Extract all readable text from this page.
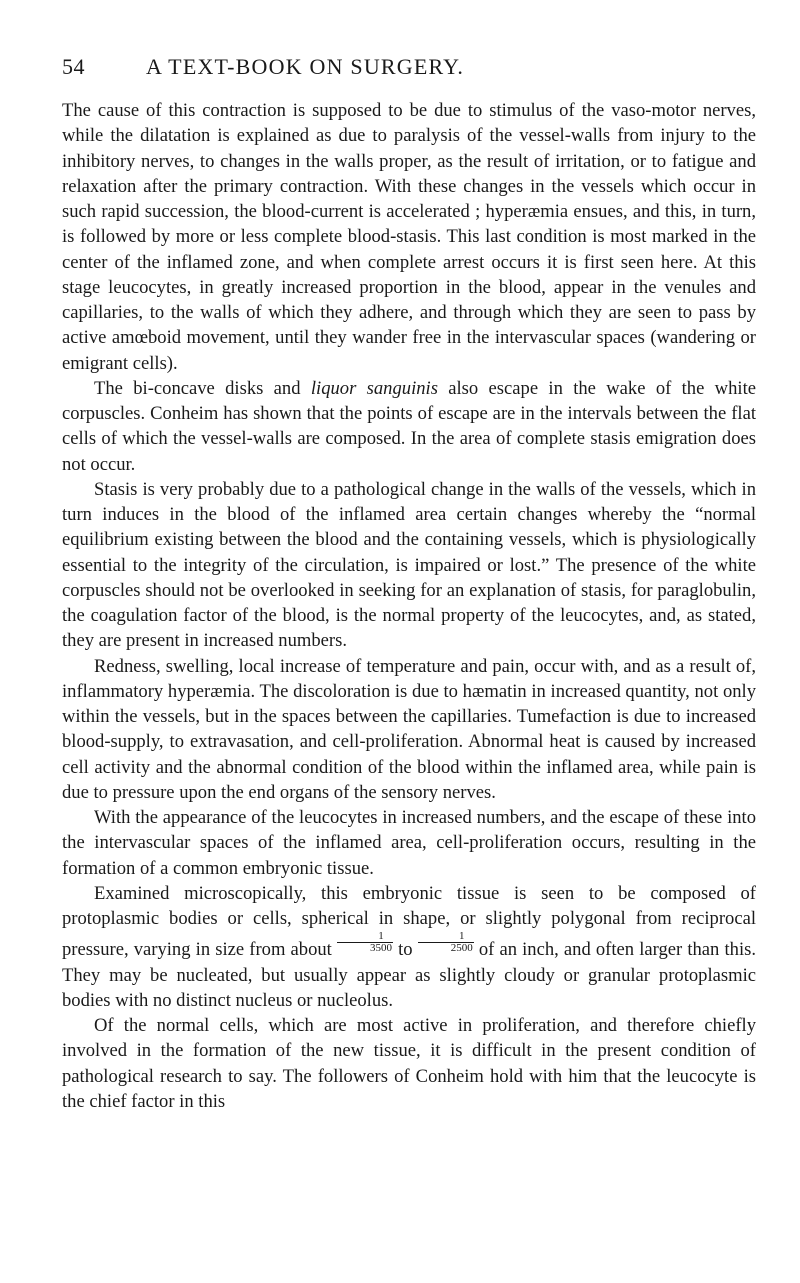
54	A TEXT-BOOK ON SURGERY.

The cause of this contraction is supposed to be due to stimulus of the vaso-motor nerves, while the dilatation is explained as due to paralysis of the vessel-walls from injury to the inhibitory nerves, to changes in the walls proper, as the result of irritation, or to fatigue and relaxation after the primary contraction. With these changes in the vessels which occur in such rapid succession, the blood-current is accelerated ; hyperæmia ensues, and this, in turn, is followed by more or less complete blood-stasis. This last condition is most marked in the center of the inflamed zone, and when complete arrest occurs it is first seen here. At this stage leucocytes, in greatly increased proportion in the blood, appear in the venules and capillaries, to the walls of which they adhere, and through which they are seen to pass by active amœboid movement, until they wander free in the intervascular spaces (wandering or emigrant cells).

The bi-concave disks and liquor sanguinis also escape in the wake of the white corpuscles. Conheim has shown that the points of escape are in the intervals between the flat cells of which the vessel-walls are composed. In the area of complete stasis emigration does not occur.

Stasis is very probably due to a pathological change in the walls of the vessels, which in turn induces in the blood of the inflamed area certain changes whereby the “normal equilibrium existing between the blood and the containing vessels, which is physiologically essential to the integrity of the circulation, is impaired or lost.” The presence of the white corpuscles should not be overlooked in seeking for an explanation of stasis, for paraglobulin, the coagulation factor of the blood, is the normal property of the leucocytes, and, as stated, they are present in increased numbers.

Redness, swelling, local increase of temperature and pain, occur with, and as a result of, inflammatory hyperæmia. The discoloration is due to hæmatin in increased quantity, not only within the vessels, but in the spaces between the capillaries. Tumefaction is due to increased blood-supply, to extravasation, and cell-proliferation. Abnormal heat is caused by increased cell activity and the abnormal condition of the blood within the inflamed area, while pain is due to pressure upon the end organs of the sensory nerves.

With the appearance of the leucocytes in increased numbers, and the escape of these into the intervascular spaces of the inflamed area, cell-proliferation occurs, resulting in the formation of a common embryonic tissue.

Examined microscopically, this embryonic tissue is seen to be composed of protoplasmic bodies or cells, spherical in shape, or slightly polygonal from reciprocal pressure, varying in size from about $\frac{1}{3500}$ to $\frac{1}{2500}$ of an inch, and often larger than this. They may be nucleated, but usually appear as slightly cloudy or granular protoplasmic bodies with no distinct nucleus or nucleolus.

Of the normal cells, which are most active in proliferation, and therefore chiefly involved in the formation of the new tissue, it is difficult in the present condition of pathological research to say. The followers of Conheim hold with him that the leucocyte is the chief factor in this
